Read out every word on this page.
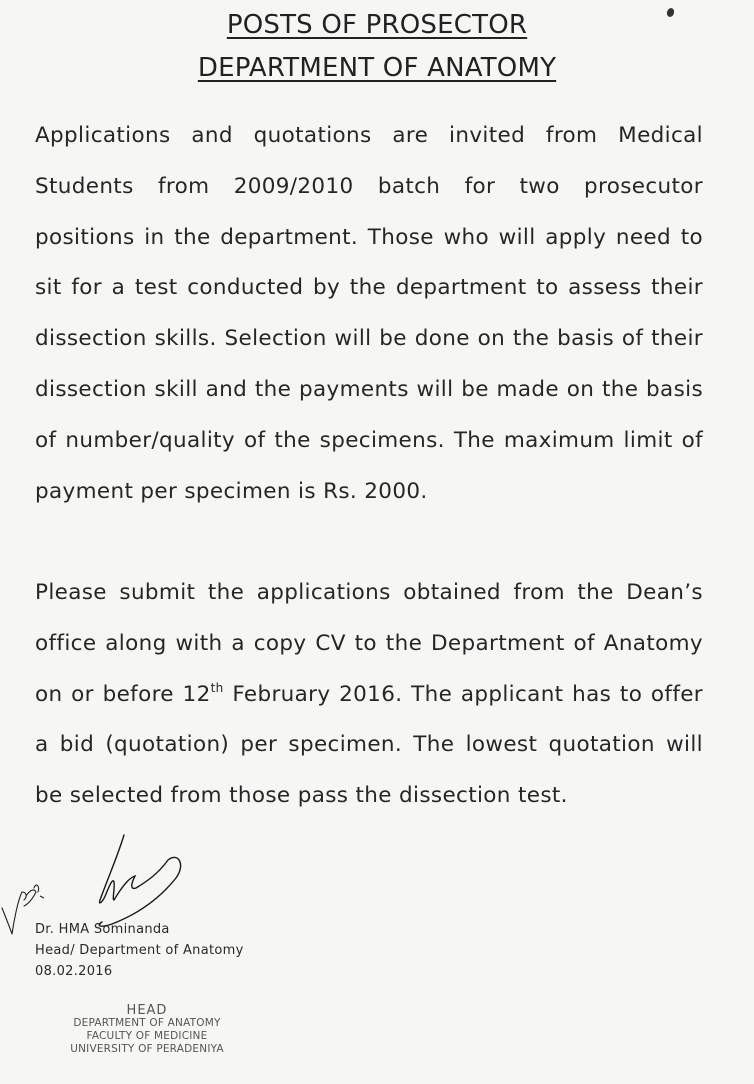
POSTS OF PROSECTOR
DEPARTMENT OF ANATOMY
Applications and quotations are invited from Medical Students from 2009/2010 batch for two prosecutor positions in the department. Those who will apply need to sit for a test conducted by the department to assess their dissection skills. Selection will be done on the basis of their dissection skill and the payments will be made on the basis of number/quality of the specimens. The maximum limit of payment per specimen is Rs. 2000.
Please submit the applications obtained from the Dean’s office along with a copy CV to the Department of Anatomy on or before 12th February 2016. The applicant has to offer a bid (quotation) per specimen. The lowest quotation will be selected from those pass the dissection test.
Dr. HMA Sominanda
Head/ Department of Anatomy
08.02.2016
HEAD
DEPARTMENT OF ANATOMY
FACULTY OF MEDICINE
UNIVERSITY OF PERADENIYA
